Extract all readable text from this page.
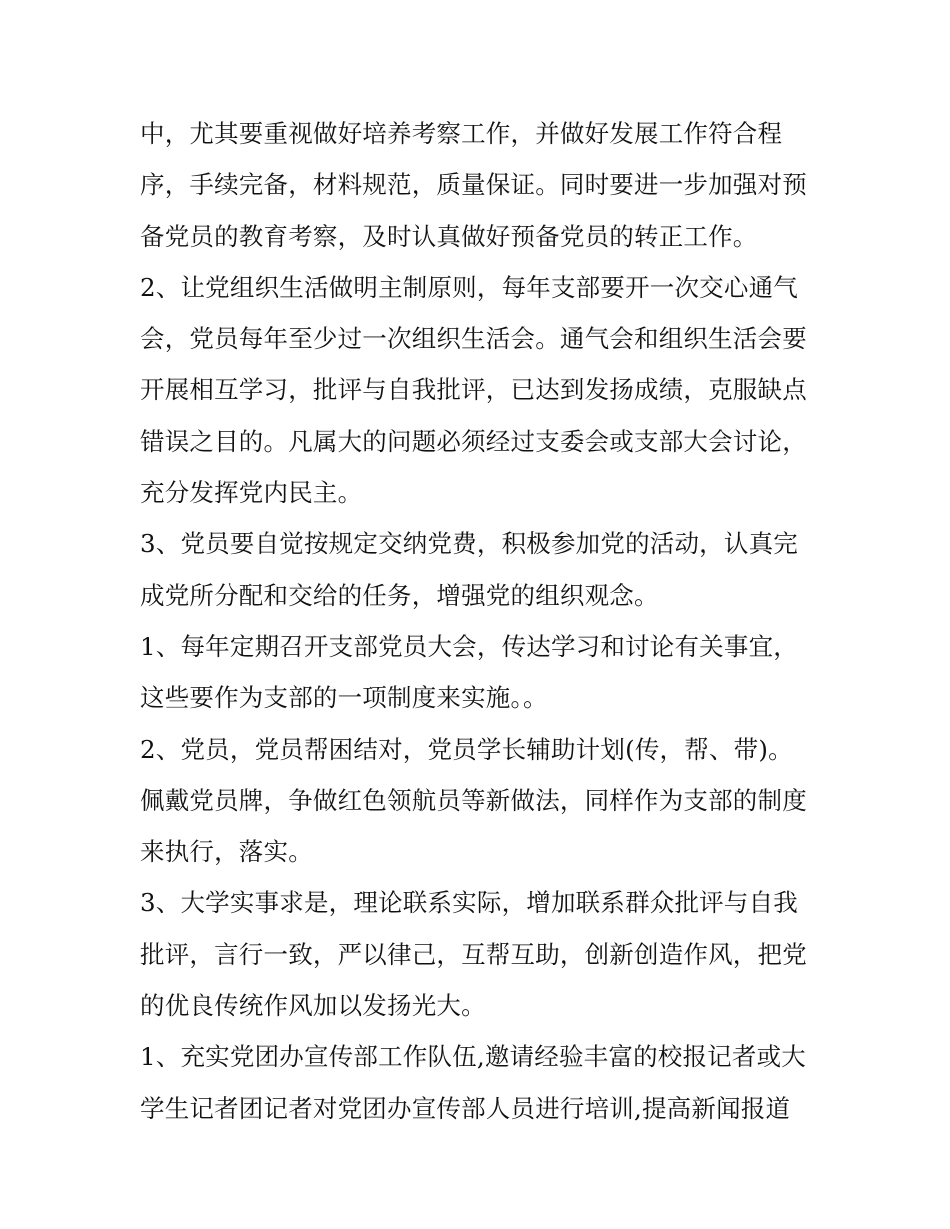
中，尤其要重视做好培养考察工作，并做好发展工作符合程
序，手续完备，材料规范，质量保证。同时要进一步加强对预
备党员的教育考察，及时认真做好预备党员的转正工作。
2、让党组织生活做明主制原则，每年支部要开一次交心通气
会，党员每年至少过一次组织生活会。通气会和组织生活会要
开展相互学习，批评与自我批评，已达到发扬成绩，克服缺点
错误之目的。凡属大的问题必须经过支委会或支部大会讨论，
充分发挥党内民主。
3、党员要自觉按规定交纳党费，积极参加党的活动，认真完
成党所分配和交给的任务，增强党的组织观念。
1、每年定期召开支部党员大会，传达学习和讨论有关事宜，
这些要作为支部的一项制度来实施。。
2、党员，党员帮困结对，党员学长辅助计划(传，帮、带)。
佩戴党员牌，争做红色领航员等新做法，同样作为支部的制度
来执行，落实。
3、大学实事求是，理论联系实际，增加联系群众批评与自我
批评，言行一致，严以律己，互帮互助，创新创造作风，把党
的优良传统作风加以发扬光大。
1、充实党团办宣传部工作队伍,邀请经验丰富的校报记者或大
学生记者团记者对党团办宣传部人员进行培训,提高新闻报道
